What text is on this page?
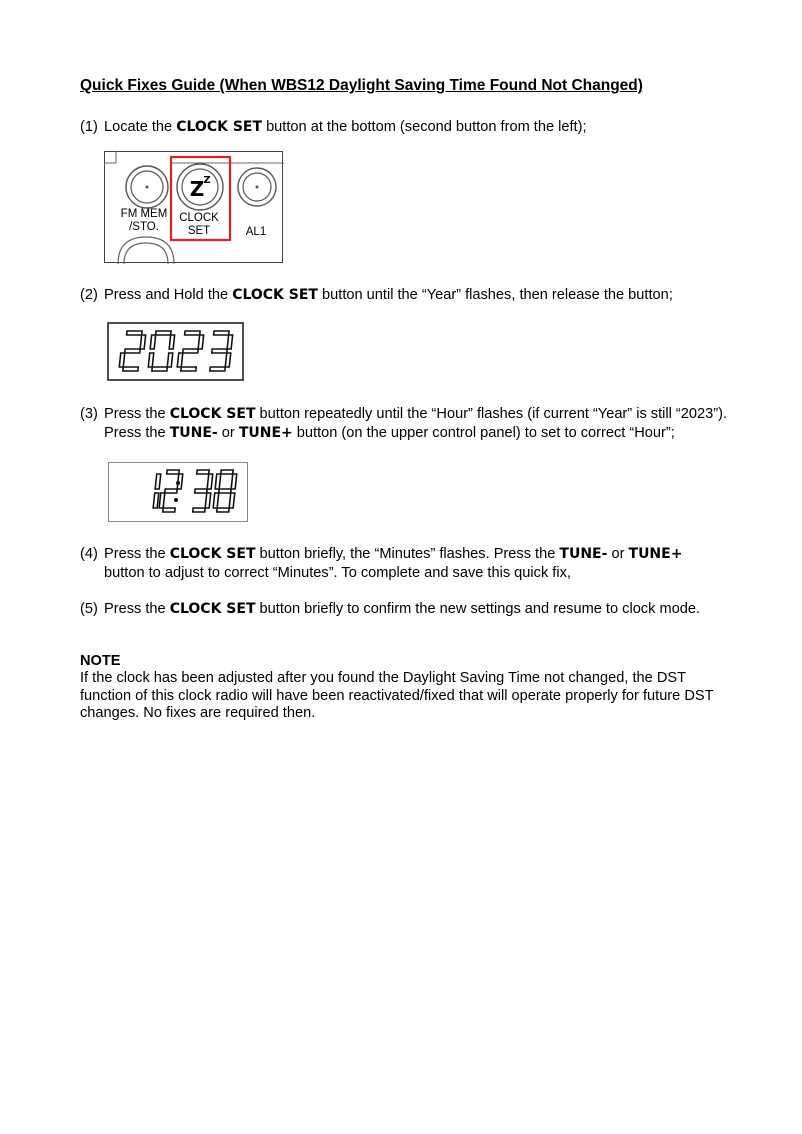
Quick Fixes Guide (When WBS12 Daylight Saving Time Found Not Changed)
(1) Locate the CLOCK SET button at the bottom (second button from the left);
FM MEM
/STO.
Z Z
CLOCK
SET	AL1
(2) Press and Hold the CLOCK SET button until the “Year” flashes, then release the button;
(3) Press the CLOCK SET button repeatedly until the “Hour” flashes (if current “Year” is still “2023”).
Press the TUNE- or TUNE+ button (on the upper control panel) to set to correct “Hour”;
(4) Press the CLOCK SET button briefly, the “Minutes” flashes. Press the TUNE- or TUNE+
button to adjust to correct “Minutes”. To complete and save this quick fix,
(5) Press the CLOCK SET button briefly to confirm the new settings and resume to clock mode.
NOTE
If the clock has been adjusted after you found the Daylight Saving Time not changed, the DST
function of this clock radio will have been reactivated/fixed that will operate properly for future DST
changes. No fixes are required then.
